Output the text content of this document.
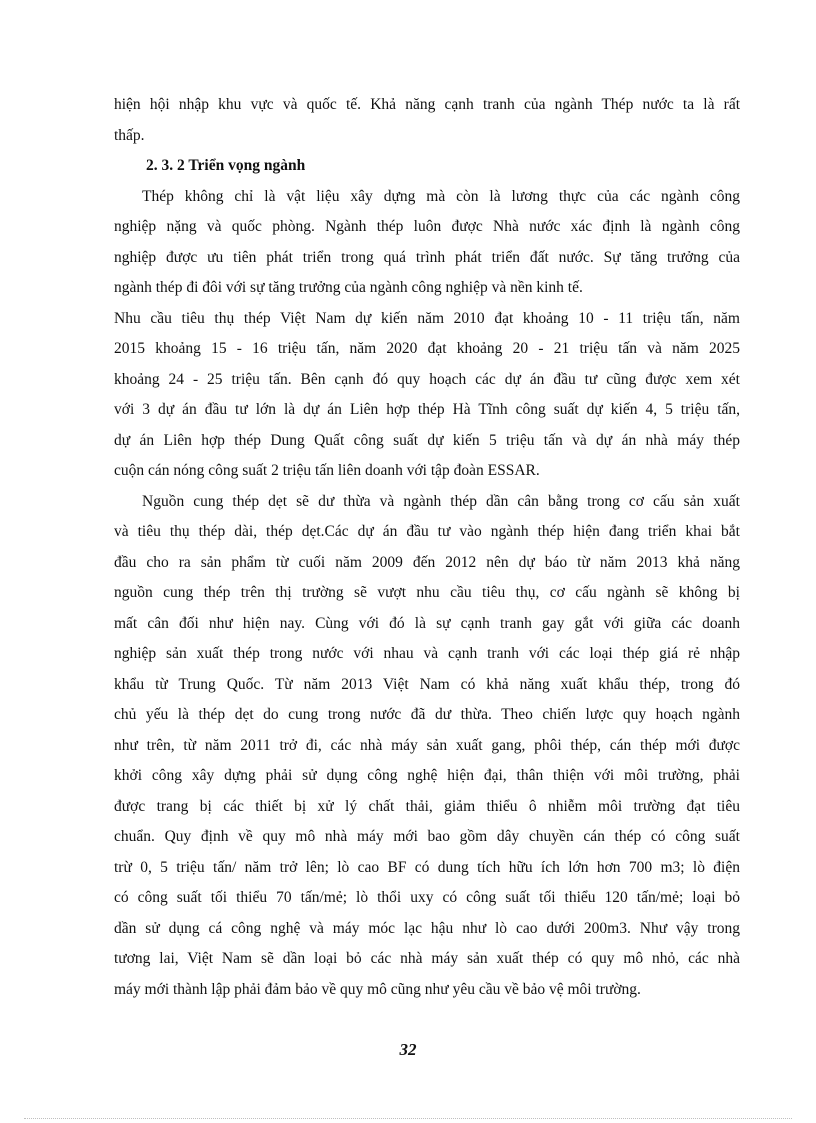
hiện hội nhập khu vực và quốc tế. Khả năng cạnh tranh của ngành Thép nước ta là rất
thấp.

2. 3. 2 Triển vọng ngành

Thép không chỉ là vật liệu xây dựng mà còn là lương thực của các ngành công
nghiệp nặng và quốc phòng. Ngành thép luôn được Nhà nước xác định là ngành công
nghiệp được ưu tiên phát triển trong quá trình phát triển đất nước. Sự tăng trưởng của
ngành thép đi đôi với sự tăng trưởng của ngành công nghiệp và nền kinh tế.

Nhu cầu tiêu thụ thép Việt Nam dự kiến năm 2010 đạt khoảng 10 - 11 triệu tấn, năm
2015 khoảng 15 - 16 triệu tấn, năm 2020 đạt khoảng 20 - 21 triệu tấn và năm 2025
khoảng 24 - 25 triệu tấn. Bên cạnh đó quy hoạch các dự án đầu tư cũng được xem xét
với 3 dự án đầu tư lớn là dự án Liên hợp thép Hà Tĩnh công suất dự kiến 4, 5 triệu tấn,
dự án Liên hợp thép Dung Quất công suất dự kiến 5 triệu tấn và dự án nhà máy thép
cuộn cán nóng công suất 2 triệu tấn liên doanh với tập đoàn ESSAR.

Nguồn cung thép dẹt sẽ dư thừa và ngành thép dần cân bằng trong cơ cấu sản xuất
và tiêu thụ thép dài, thép dẹt.Các dự án đầu tư vào ngành thép hiện đang triển khai bắt
đầu cho ra sản phẩm từ cuối năm 2009 đến 2012 nên dự báo từ năm 2013 khả năng
nguồn cung thép trên thị trường sẽ vượt nhu cầu tiêu thụ, cơ cấu ngành sẽ không bị
mất cân đối như hiện nay. Cùng với đó là sự cạnh tranh gay gắt với giữa các doanh
nghiệp sản xuất thép trong nước với nhau và cạnh tranh với các loại thép giá rẻ nhập
khẩu từ Trung Quốc. Từ năm 2013 Việt Nam có khả năng xuất khẩu thép, trong đó
chủ yếu là thép dẹt do cung trong nước đã dư thừa. Theo chiến lược quy hoạch ngành
như trên, từ năm 2011 trở đi, các nhà máy sản xuất gang, phôi thép, cán thép mới được
khởi công xây dựng phải sử dụng công nghệ hiện đại, thân thiện với môi trường, phải
được trang bị các thiết bị xử lý chất thải, giảm thiểu ô nhiễm môi trường đạt tiêu
chuẩn. Quy định về quy mô nhà máy mới bao gồm dây chuyền cán thép có công suất
trừ 0, 5 triệu tấn/ năm trở lên; lò cao BF có dung tích hữu ích lớn hơn 700 m3; lò điện
có công suất tối thiểu 70 tấn/mẻ; lò thổi uxy có công suất tối thiểu 120 tấn/mẻ; loại bỏ
dần sử dụng cá công nghệ và máy móc lạc hậu như lò cao dưới 200m3. Như vậy trong
tương lai, Việt Nam sẽ dần loại bỏ các nhà máy sản xuất thép có quy mô nhỏ, các nhà
máy mới thành lập phải đảm bảo về quy mô cũng như yêu cầu về bảo vệ môi trường.

32
